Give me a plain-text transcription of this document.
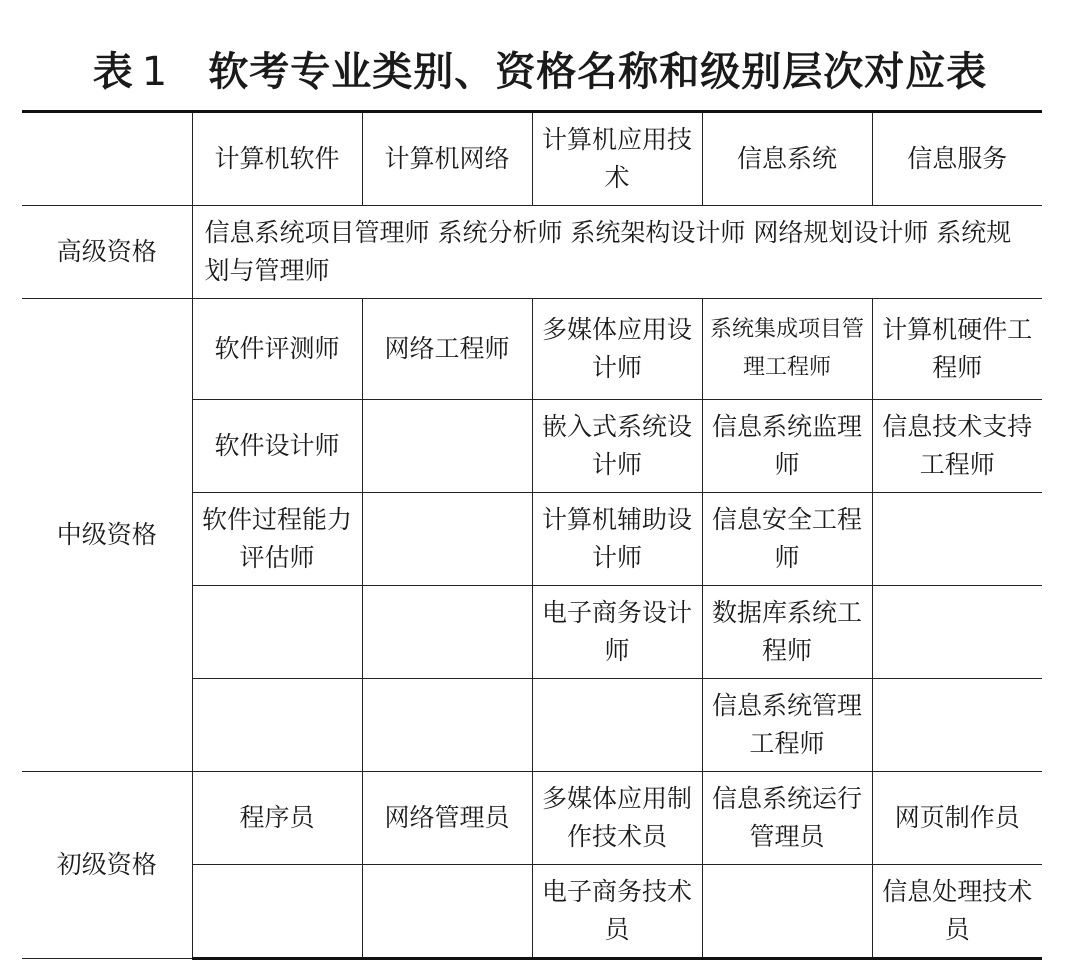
表 1 软考专业类别、资格名称和级别层次对应表
	计算机软件	计算机网络	计算机应用技术	信息系统	信息服务
高级资格	信息系统项目管理师 系统分析师 系统架构设计师 网络规划设计师 系统规划与管理师				
中级资格	软件评测师	网络工程师	多媒体应用设计师	系统集成项目管理工程师	计算机硬件工程师
	软件设计师		嵌入式系统设计师	信息系统监理师	信息技术支持工程师
	软件过程能力评估师		计算机辅助设计师	信息安全工程师	
			电子商务设计师	数据库系统工程师	
				信息系统管理工程师	
初级资格	程序员	网络管理员	多媒体应用制作技术员	信息系统运行管理员	网页制作员
			电子商务技术员		信息处理技术员
